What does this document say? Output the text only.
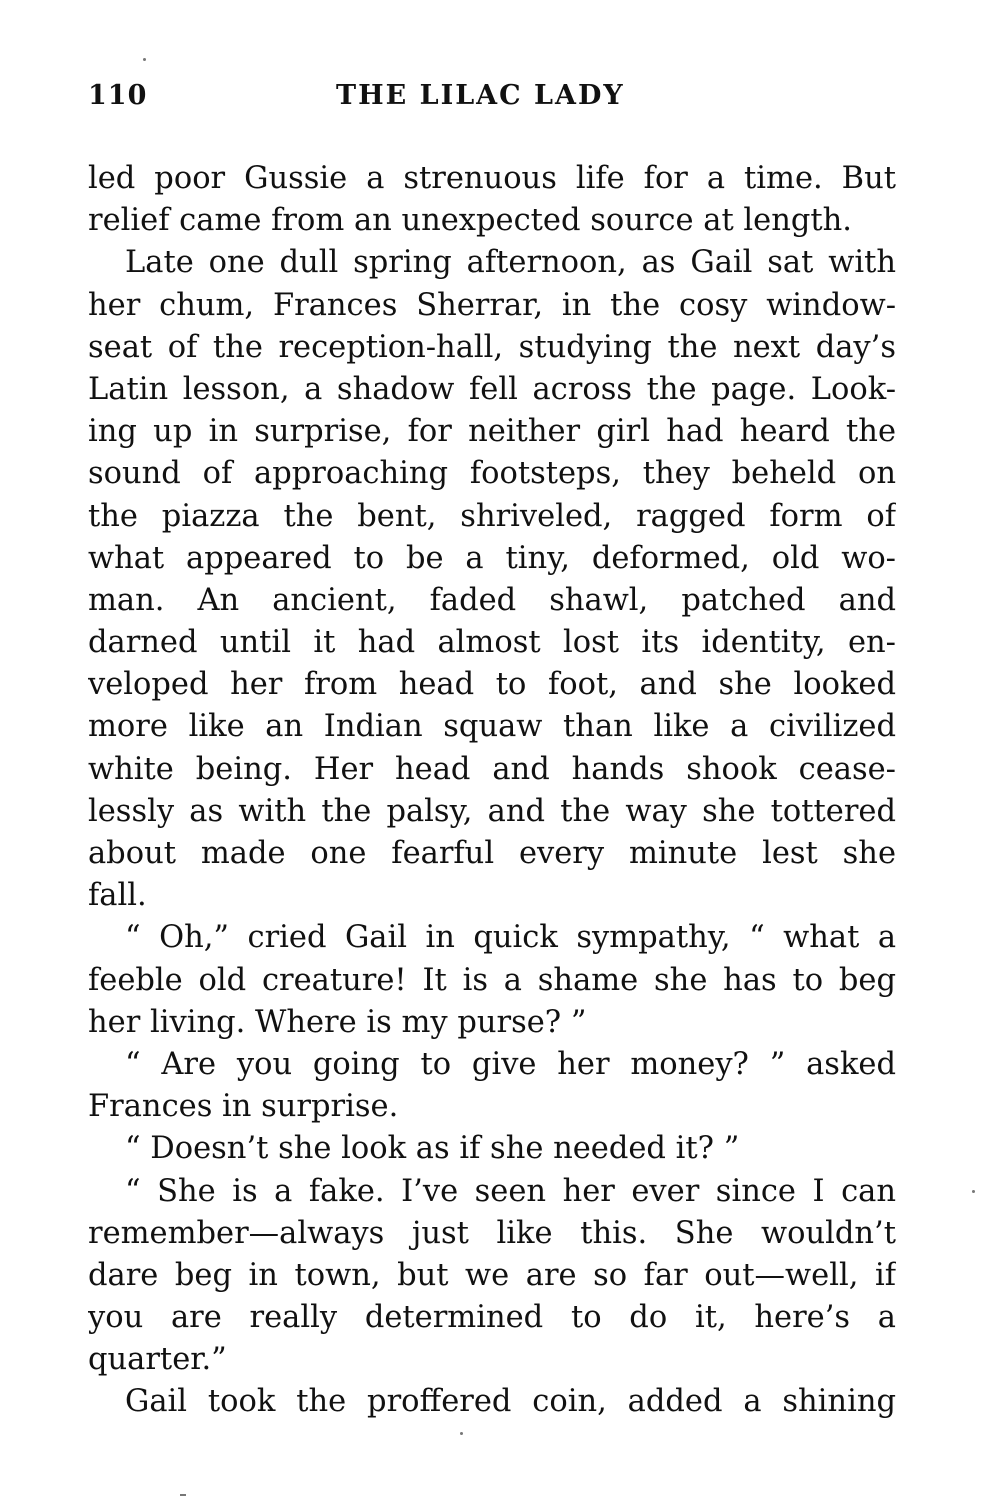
110	THE LILAC LADY
led poor Gussie a strenuous life for a time. But
relief came from an unexpected source at length.
Late one dull spring afternoon, as Gail sat with
her chum, Frances Sherrar, in the cosy window-
seat of the reception-hall, studying the next day’s
Latin lesson, a shadow fell across the page. Look-
ing up in surprise, for neither girl had heard the
sound of approaching footsteps, they beheld on
the piazza the bent, shriveled, ragged form of
what appeared to be a tiny, deformed, old wo-
man. An ancient, faded shawl, patched and
darned until it had almost lost its identity, en-
veloped her from head to foot, and she looked
more like an Indian squaw than like a civilized
white being. Her head and hands shook cease-
lessly as with the palsy, and the way she tottered
about made one fearful every minute lest she
fall.
“ Oh,” cried Gail in quick sympathy, “ what a
feeble old creature! It is a shame she has to beg
her living. Where is my purse? ”
“ Are you going to give her money? ” asked
Frances in surprise.
“ Doesn’t she look as if she needed it? ”
“ She is a fake. I’ve seen her ever since I can
remember—always just like this. She wouldn’t
dare beg in town, but we are so far out—well, if
you are really determined to do it, here’s a
quarter.”
Gail took the proffered coin, added a shining
